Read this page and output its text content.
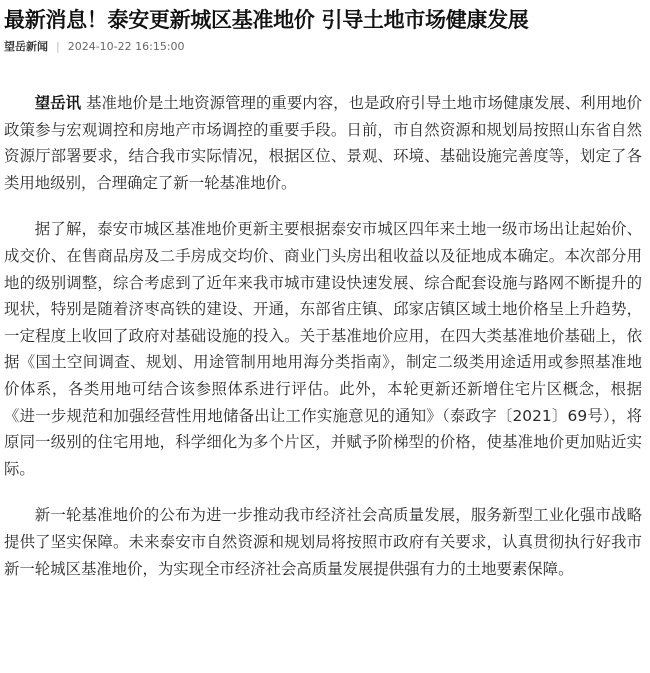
最新消息！泰安更新城区基准地价 引导土地市场健康发展
望岳新闻 | 2024-10-22 16:15:00

望岳讯 基准地价是土地资源管理的重要内容，也是政府引导土地市场健康发展、利用地价政策参与宏观调控和房地产市场调控的重要手段。日前，市自然资源和规划局按照山东省自然资源厅部署要求，结合我市实际情况，根据区位、景观、环境、基础设施完善度等，划定了各类用地级别，合理确定了新一轮基准地价。

据了解，泰安市城区基准地价更新主要根据泰安市城区四年来土地一级市场出让起始价、成交价、在售商品房及二手房成交均价、商业门头房出租收益以及征地成本确定。本次部分用地的级别调整，综合考虑到了近年来我市城市建设快速发展、综合配套设施与路网不断提升的现状，特别是随着济枣高铁的建设、开通，东部省庄镇、邱家店镇区域土地价格呈上升趋势，一定程度上收回了政府对基础设施的投入。关于基准地价应用，在四大类基准地价基础上，依据《国土空间调查、规划、用途管制用地用海分类指南》，制定二级类用途适用或参照基准地价体系，各类用地可结合该参照体系进行评估。此外，本轮更新还新增住宅片区概念，根据《进一步规范和加强经营性用地储备出让工作实施意见的通知》（泰政字〔2021〕69号），将原同一级别的住宅用地，科学细化为多个片区，并赋予阶梯型的价格，使基准地价更加贴近实际。

新一轮基准地价的公布为进一步推动我市经济社会高质量发展，服务新型工业化强市战略提供了坚实保障。未来泰安市自然资源和规划局将按照市政府有关要求，认真贯彻执行好我市新一轮城区基准地价，为实现全市经济社会高质量发展提供强有力的土地要素保障。
